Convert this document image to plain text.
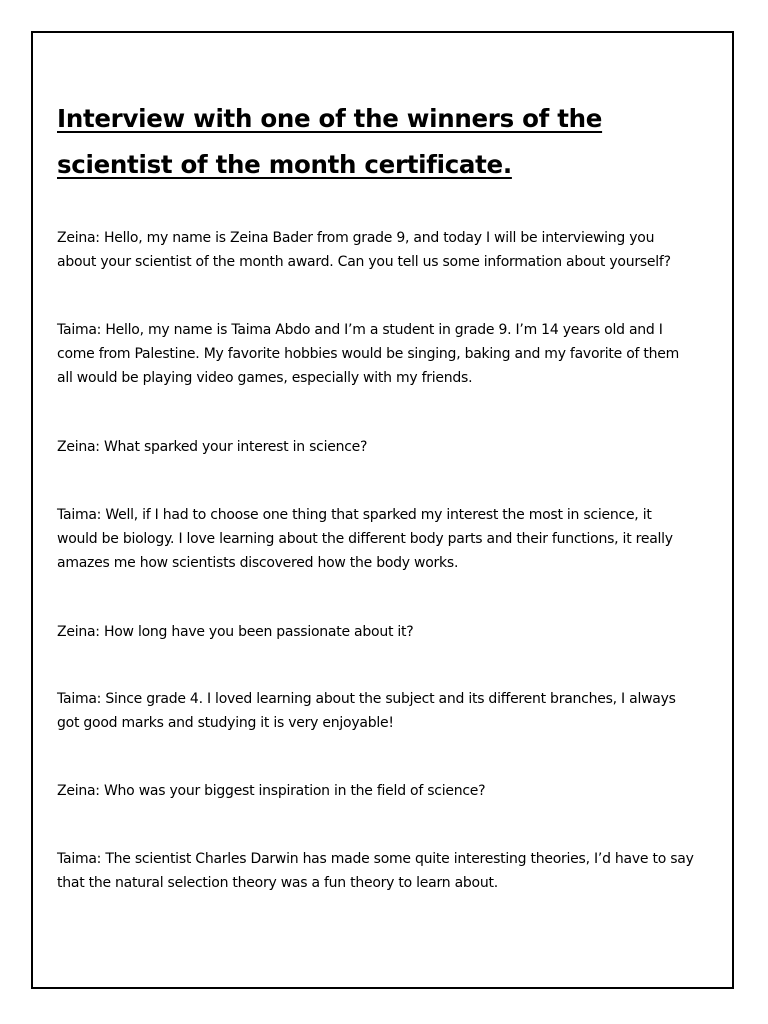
Interview with one of the winners of the
scientist of the month certificate.

Zeina: Hello, my name is Zeina Bader from grade 9, and today I will be interviewing you
about your scientist of the month award. Can you tell us some information about yourself?

Taima: Hello, my name is Taima Abdo and I’m a student in grade 9. I’m 14 years old and I
come from Palestine. My favorite hobbies would be singing, baking and my favorite of them
all would be playing video games, especially with my friends.

Zeina: What sparked your interest in science?

Taima: Well, if I had to choose one thing that sparked my interest the most in science, it
would be biology. I love learning about the different body parts and their functions, it really
amazes me how scientists discovered how the body works.

Zeina: How long have you been passionate about it?

Taima: Since grade 4. I loved learning about the subject and its different branches, I always
got good marks and studying it is very enjoyable!

Zeina: Who was your biggest inspiration in the field of science?

Taima: The scientist Charles Darwin has made some quite interesting theories, I’d have to say
that the natural selection theory was a fun theory to learn about.
